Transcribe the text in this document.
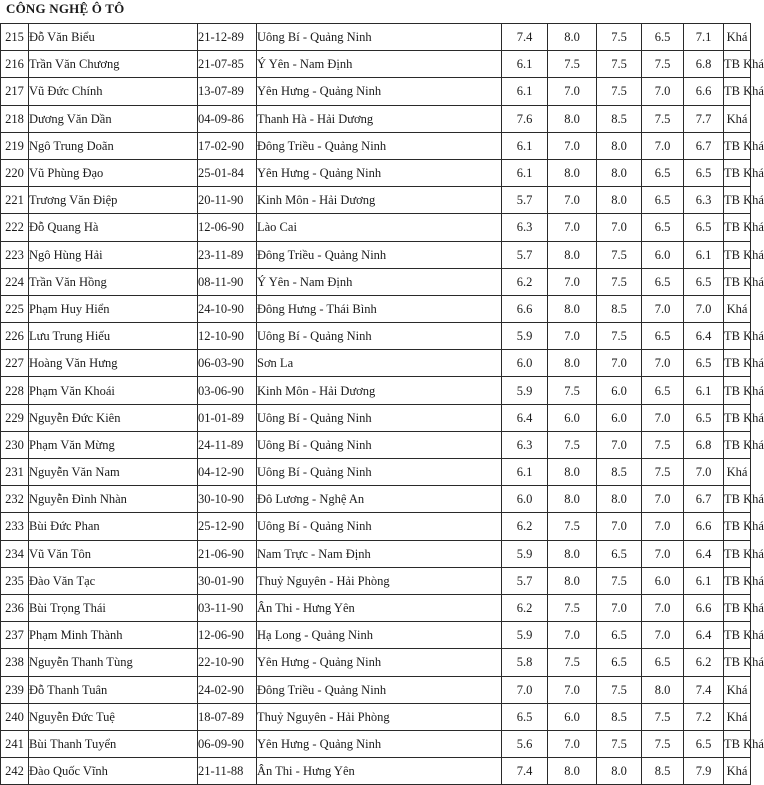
CÔNG NGHỆ Ô TÔ
215	Đỗ Văn Biểu	21-12-89	Uông Bí - Quảng Ninh	7.4	8.0	7.5	6.5	7.1	Khá
216	Trần Văn Chương	21-07-85	Ý Yên - Nam Định	6.1	7.5	7.5	7.5	6.8	TB Khá
217	Vũ Đức Chính	13-07-89	Yên Hưng - Quảng Ninh	6.1	7.0	7.5	7.0	6.6	TB Khá
218	Dương Văn Dần	04-09-86	Thanh Hà - Hải Dương	7.6	8.0	8.5	7.5	7.7	Khá
219	Ngô Trung Doãn	17-02-90	Đông Triều - Quảng Ninh	6.1	7.0	8.0	7.0	6.7	TB Khá
220	Vũ Phùng Đạo	25-01-84	Yên Hưng - Quảng Ninh	6.1	8.0	8.0	6.5	6.5	TB Khá
221	Trương Văn Điệp	20-11-90	Kinh Môn - Hải Dương	5.7	7.0	8.0	6.5	6.3	TB Khá
222	Đỗ Quang Hà	12-06-90	Lào Cai	6.3	7.0	7.0	6.5	6.5	TB Khá
223	Ngô Hùng Hải	23-11-89	Đông Triều - Quảng Ninh	5.7	8.0	7.5	6.0	6.1	TB Khá
224	Trần Văn Hồng	08-11-90	Ý Yên - Nam Định	6.2	7.0	7.5	6.5	6.5	TB Khá
225	Phạm Huy Hiển	24-10-90	Đông Hưng - Thái Bình	6.6	8.0	8.5	7.0	7.0	Khá
226	Lưu Trung Hiếu	12-10-90	Uông Bí - Quảng Ninh	5.9	7.0	7.5	6.5	6.4	TB Khá
227	Hoàng Văn Hưng	06-03-90	Sơn La	6.0	8.0	7.0	7.0	6.5	TB Khá
228	Phạm Văn Khoái	03-06-90	Kinh Môn - Hải Dương	5.9	7.5	6.0	6.5	6.1	TB Khá
229	Nguyễn Đức Kiên	01-01-89	Uông Bí - Quảng Ninh	6.4	6.0	6.0	7.0	6.5	TB Khá
230	Phạm Văn Mừng	24-11-89	Uông Bí - Quảng Ninh	6.3	7.5	7.0	7.5	6.8	TB Khá
231	Nguyễn Văn Nam	04-12-90	Uông Bí - Quảng Ninh	6.1	8.0	8.5	7.5	7.0	Khá
232	Nguyễn Đình Nhàn	30-10-90	Đô Lương - Nghệ An	6.0	8.0	8.0	7.0	6.7	TB Khá
233	Bùi Đức Phan	25-12-90	Uông Bí - Quảng Ninh	6.2	7.5	7.0	7.0	6.6	TB Khá
234	Vũ Văn Tôn	21-06-90	Nam Trực - Nam Định	5.9	8.0	6.5	7.0	6.4	TB Khá
235	Đào Văn Tạc	30-01-90	Thuỷ Nguyên - Hải Phòng	5.7	8.0	7.5	6.0	6.1	TB Khá
236	Bùi Trọng Thái	03-11-90	Ân Thi - Hưng Yên	6.2	7.5	7.0	7.0	6.6	TB Khá
237	Phạm Minh Thành	12-06-90	Hạ Long - Quảng Ninh	5.9	7.0	6.5	7.0	6.4	TB Khá
238	Nguyễn Thanh Tùng	22-10-90	Yên Hưng - Quảng Ninh	5.8	7.5	6.5	6.5	6.2	TB Khá
239	Đỗ Thanh Tuân	24-02-90	Đông Triều - Quảng Ninh	7.0	7.0	7.5	8.0	7.4	Khá
240	Nguyễn Đức Tuệ	18-07-89	Thuỷ Nguyên - Hải Phòng	6.5	6.0	8.5	7.5	7.2	Khá
241	Bùi Thanh Tuyển	06-09-90	Yên Hưng - Quảng Ninh	5.6	7.0	7.5	7.5	6.5	TB Khá
242	Đào Quốc Vĩnh	21-11-88	Ân Thi - Hưng Yên	7.4	8.0	8.0	8.5	7.9	Khá
